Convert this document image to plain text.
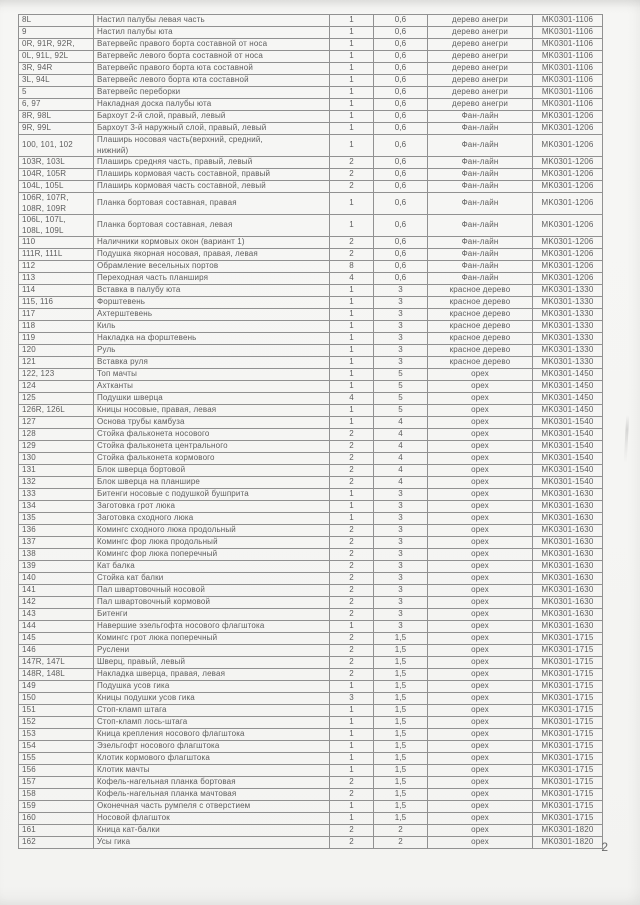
8L	Настил палубы левая часть	1	0,6	дерево анегри	MK0301-1106
9	Настил палубы юта	1	0,6	дерево анегри	MK0301-1106
0R, 91R, 92R,	Ватервейс правого борта составной от носа	1	0,6	дерево анегри	MK0301-1106
0L, 91L, 92L	Ватервейс левого борта составной от носа	1	0,6	дерево анегри	MK0301-1106
3R, 94R	Ватервейс правого борта юта составной	1	0,6	дерево анегри	MK0301-1106
3L, 94L	Ватервейс левого борта юта составной	1	0,6	дерево анегри	MK0301-1106
5	Ватервейс переборки	1	0,6	дерево анегри	MK0301-1106
6, 97	Накладная доска палубы юта	1	0,6	дерево анегри	MK0301-1106
8R, 98L	Бархоут 2-й слой, правый, левый	1	0,6	Фан-лайн	MK0301-1206
9R, 99L	Бархоут 3-й наружный слой, правый, левый	1	0,6	Фан-лайн	MK0301-1206
100, 101, 102	Плаширь носовая часть(верхний, средний,
нижний)	1	0,6	Фан-лайн	MK0301-1206
103R, 103L	Плаширь средняя часть, правый, левый	2	0,6	Фан-лайн	MK0301-1206
104R, 105R	Плаширь кормовая часть составной, правый	2	0,6	Фан-лайн	MK0301-1206
104L, 105L	Плаширь кормовая часть составной, левый	2	0,6	Фан-лайн	MK0301-1206
106R, 107R,
108R, 109R	Планка бортовая составная, правая	1	0,6	Фан-лайн	MK0301-1206
106L, 107L,
108L, 109L	Планка бортовая составная, левая	1	0,6	Фан-лайн	MK0301-1206
110	Наличники кормовых окон (вариант 1)	2	0,6	Фан-лайн	MK0301-1206
111R, 111L	Подушка якорная носовая, правая, левая	2	0,6	Фан-лайн	MK0301-1206
112	Обрамление весельных портов	8	0,6	Фан-лайн	MK0301-1206
113	Переходная часть планширя	4	0,6	Фан-лайн	MK0301-1206
114	Вставка в палубу юта	1	3	красное дерево	MK0301-1330
115, 116	Форштевень	1	3	красное дерево	MK0301-1330
117	Ахтерштевень	1	3	красное дерево	MK0301-1330
118	Киль	1	3	красное дерево	MK0301-1330
119	Накладка на форштевень	1	3	красное дерево	MK0301-1330
120	Руль	1	3	красное дерево	MK0301-1330
121	Вставка руля	1	3	красное дерево	MK0301-1330
122, 123	Топ мачты	1	5	орех	MK0301-1450
124	Ахтканты	1	5	орех	MK0301-1450
125	Подушки шверца	4	5	орех	MK0301-1450
126R, 126L	Кницы носовые, правая, левая	1	5	орех	MK0301-1450
127	Основа трубы камбуза	1	4	орех	MK0301-1540
128	Стойка фальконета носового	2	4	орех	MK0301-1540
129	Стойка фальконета центрального	2	4	орех	MK0301-1540
130	Стойка фальконета кормового	2	4	орех	MK0301-1540
131	Блок шверца бортовой	2	4	орех	MK0301-1540
132	Блок шверца на планшире	2	4	орех	MK0301-1540
133	Битенги носовые с подушкой бушприта	1	3	орех	MK0301-1630
134	Заготовка грот люка	1	3	орех	MK0301-1630
135	Заготовка сходного люка	1	3	орех	MK0301-1630
136	Комингс сходного люка продольный	2	3	орех	MK0301-1630
137	Комингс фор люка продольный	2	3	орех	MK0301-1630
138	Комингс фор люка поперечный	2	3	орех	MK0301-1630
139	Кат балка	2	3	орех	MK0301-1630
140	Стойка кат балки	2	3	орех	MK0301-1630
141	Пал швартовочный носовой	2	3	орех	MK0301-1630
142	Пал швартовочный кормовой	2	3	орех	MK0301-1630
143	Битенги	2	3	орех	MK0301-1630
144	Навершие эзельгофта носового флагштока	1	3	орех	MK0301-1630
145	Комингс грот люка поперечный	2	1,5	орех	MK0301-1715
146	Руслени	2	1,5	орех	MK0301-1715
147R, 147L	Шверц, правый, левый	2	1,5	орех	MK0301-1715
148R, 148L	Накладка шверца, правая, левая	2	1,5	орех	MK0301-1715
149	Подушка усов гика	1	1,5	орех	MK0301-1715
150	Кницы подушки усов гика	3	1,5	орех	MK0301-1715
151	Стоп-кламп штага	1	1,5	орех	MK0301-1715
152	Стоп-кламп лось-штага	1	1,5	орех	MK0301-1715
153	Кница крепления носового флагштока	1	1,5	орех	MK0301-1715
154	Эзельгофт носового флагштока	1	1,5	орех	MK0301-1715
155	Клотик кормового флагштока	1	1,5	орех	MK0301-1715
156	Клотик мачты	1	1,5	орех	MK0301-1715
157	Кофель-нагельная планка бортовая	2	1,5	орех	MK0301-1715
158	Кофель-нагельная планка мачтовая	2	1,5	орех	MK0301-1715
159	Оконечная часть румпеля с отверстием	1	1,5	орех	MK0301-1715
160	Носовой флагшток	1	1,5	орех	MK0301-1715
161	Кница кат-балки	2	2	орех	MK0301-1820
162	Усы гика	2	2	орех	MK0301-1820 2
